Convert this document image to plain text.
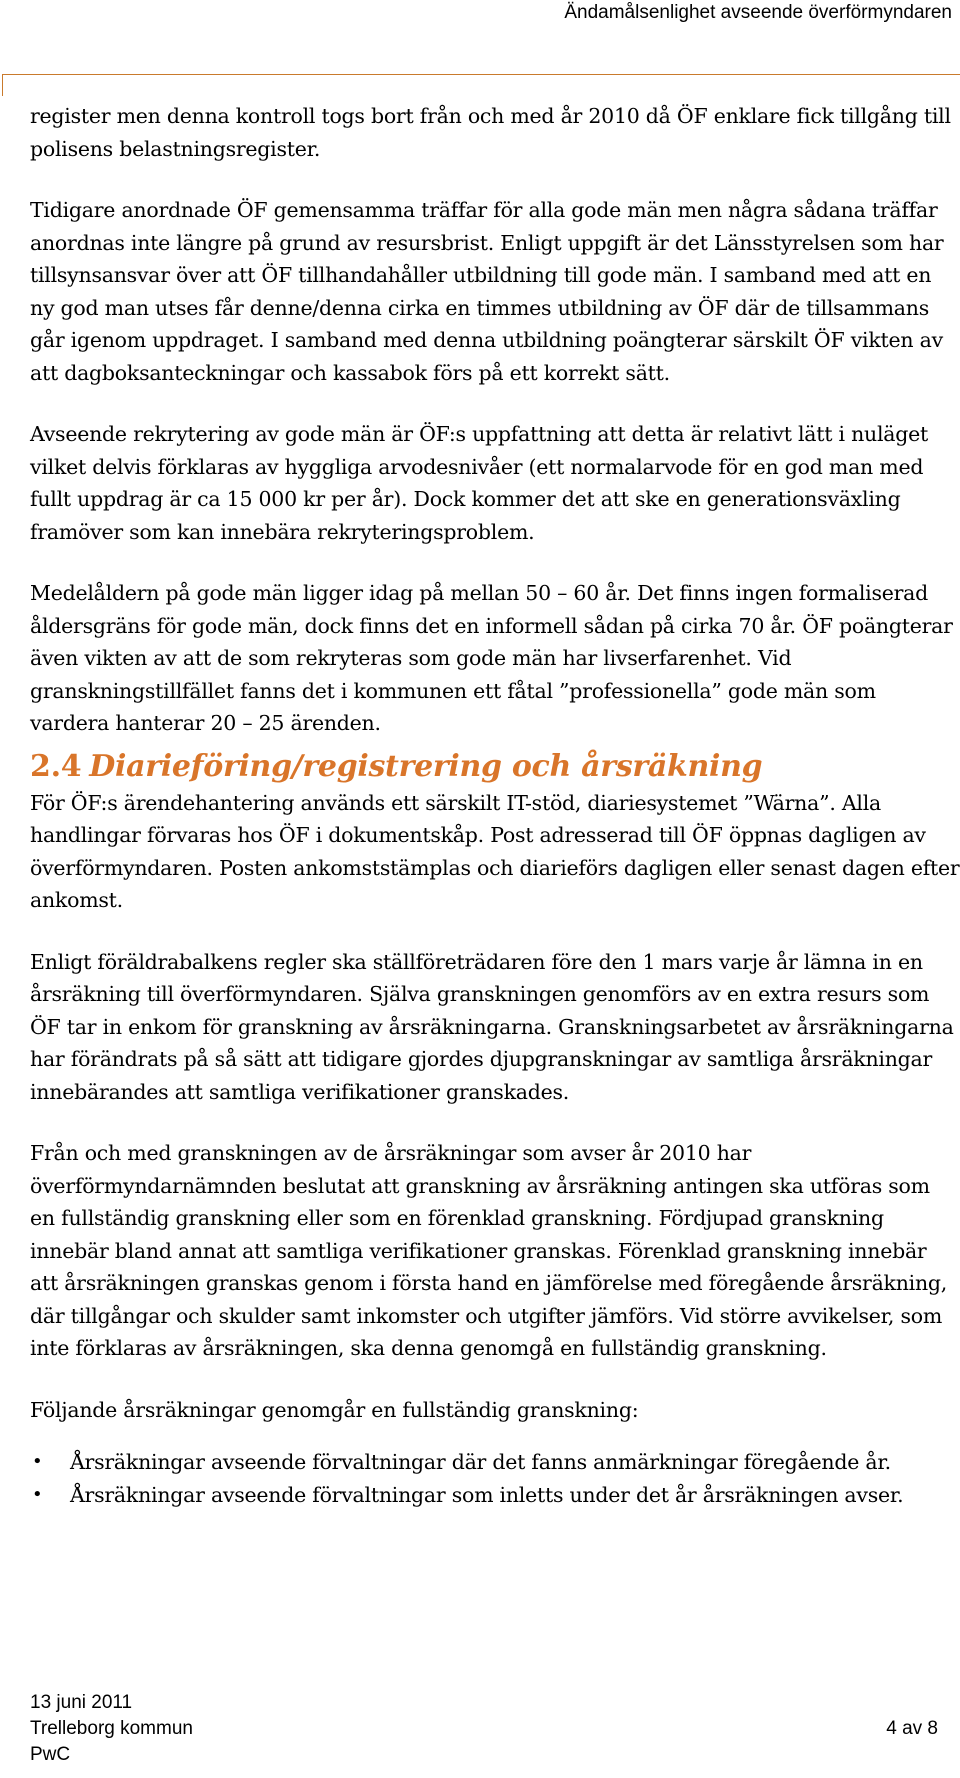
Ändamålsenlighet avseende överförmyndaren

register men denna kontroll togs bort från och med år 2010 då ÖF enklare fick tillgång till polisens belastningsregister.

Tidigare anordnade ÖF gemensamma träffar för alla gode män men några sådana träffar anordnas inte längre på grund av resursbrist. Enligt uppgift är det Länsstyrelsen som har tillsynsansvar över att ÖF tillhandahåller utbildning till gode män. I samband med att en ny god man utses får denne/denna cirka en timmes utbildning av ÖF där de tillsammans går igenom uppdraget. I samband med denna utbildning poängterar särskilt ÖF vikten av att dagboksanteckningar och kassabok förs på ett korrekt sätt.

Avseende rekrytering av gode män är ÖF:s uppfattning att detta är relativt lätt i nuläget vilket delvis förklaras av hyggliga arvodesnivåer (ett normalarvode för en god man med fullt uppdrag är ca 15 000 kr per år). Dock kommer det att ske en generationsväxling framöver som kan innebära rekryteringsproblem.

Medelåldern på gode män ligger idag på mellan 50 – 60 år. Det finns ingen formaliserad åldersgräns för gode män, dock finns det en informell sådan på cirka 70 år. ÖF poängterar även vikten av att de som rekryteras som gode män har livserfarenhet. Vid granskningstillfället fanns det i kommunen ett fåtal ”professionella” gode män som vardera hanterar 20 – 25 ärenden.

2.4 Diarieföring/registrering och årsräkning

För ÖF:s ärendehantering används ett särskilt IT-stöd, diariesystemet ”Wärna”. Alla handlingar förvaras hos ÖF i dokumentskåp. Post adresserad till ÖF öppnas dagligen av överförmyndaren. Posten ankomststämplas och diarieförs dagligen eller senast dagen efter ankomst.

Enligt föräldrabalkens regler ska ställföreträdaren före den 1 mars varje år lämna in en årsräkning till överförmyndaren. Själva granskningen genomförs av en extra resurs som ÖF tar in enkom för granskning av årsräkningarna. Granskningsarbetet av årsräkningarna har förändrats på så sätt att tidigare gjordes djupgranskningar av samtliga årsräkningar innebärandes att samtliga verifikationer granskades.

Från och med granskningen av de årsräkningar som avser år 2010 har överförmyndarnämnden beslutat att granskning av årsräkning antingen ska utföras som en fullständig granskning eller som en förenklad granskning. Fördjupad granskning innebär bland annat att samtliga verifikationer granskas. Förenklad granskning innebär att årsräkningen granskas genom i första hand en jämförelse med föregående årsräkning, där tillgångar och skulder samt inkomster och utgifter jämförs. Vid större avvikelser, som inte förklaras av årsräkningen, ska denna genomgå en fullständig granskning.

Följande årsräkningar genomgår en fullständig granskning:

• Årsräkningar avseende förvaltningar där det fanns anmärkningar föregående år.
• Årsräkningar avseende förvaltningar som inletts under det år årsräkningen avser.
13 juni 2011
Trelleborg kommun
PwC
4 av 8
